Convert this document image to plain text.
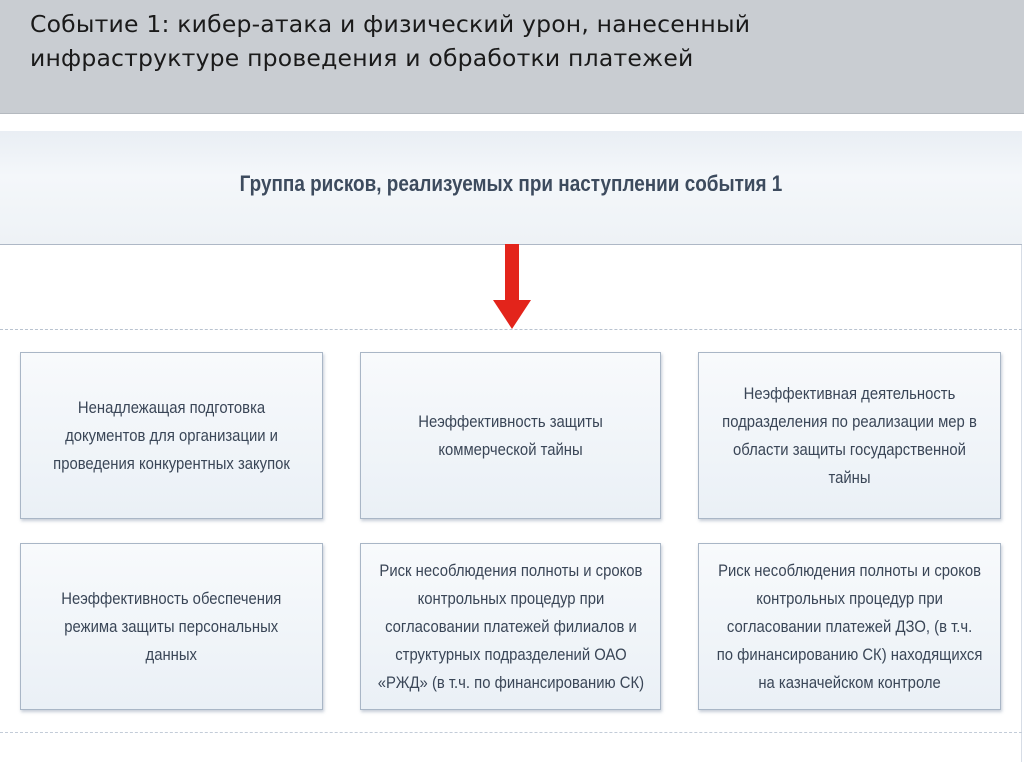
Событие 1: кибер-атака и физический урон, нанесенный
инфраструктуре проведения и обработки платежей
Группа рисков, реализуемых при наступлении события 1
Ненадлежащая подготовка
документов для организации и
проведения конкурентных закупок
Неэффективность защиты
коммерческой тайны
Неэффективная деятельность
подразделения по реализации мер в
области защиты государственной
тайны
Неэффективность обеспечения
режима защиты персональных
данных
Риск несоблюдения полноты и сроков
контрольных процедур при
согласовании платежей филиалов и
структурных подразделений ОАО
«РЖД» (в т.ч. по финансированию СК)
Риск несоблюдения полноты и сроков
контрольных процедур при
согласовании платежей ДЗО, (в т.ч.
по финансированию СК) находящихся
на казначейском контроле
